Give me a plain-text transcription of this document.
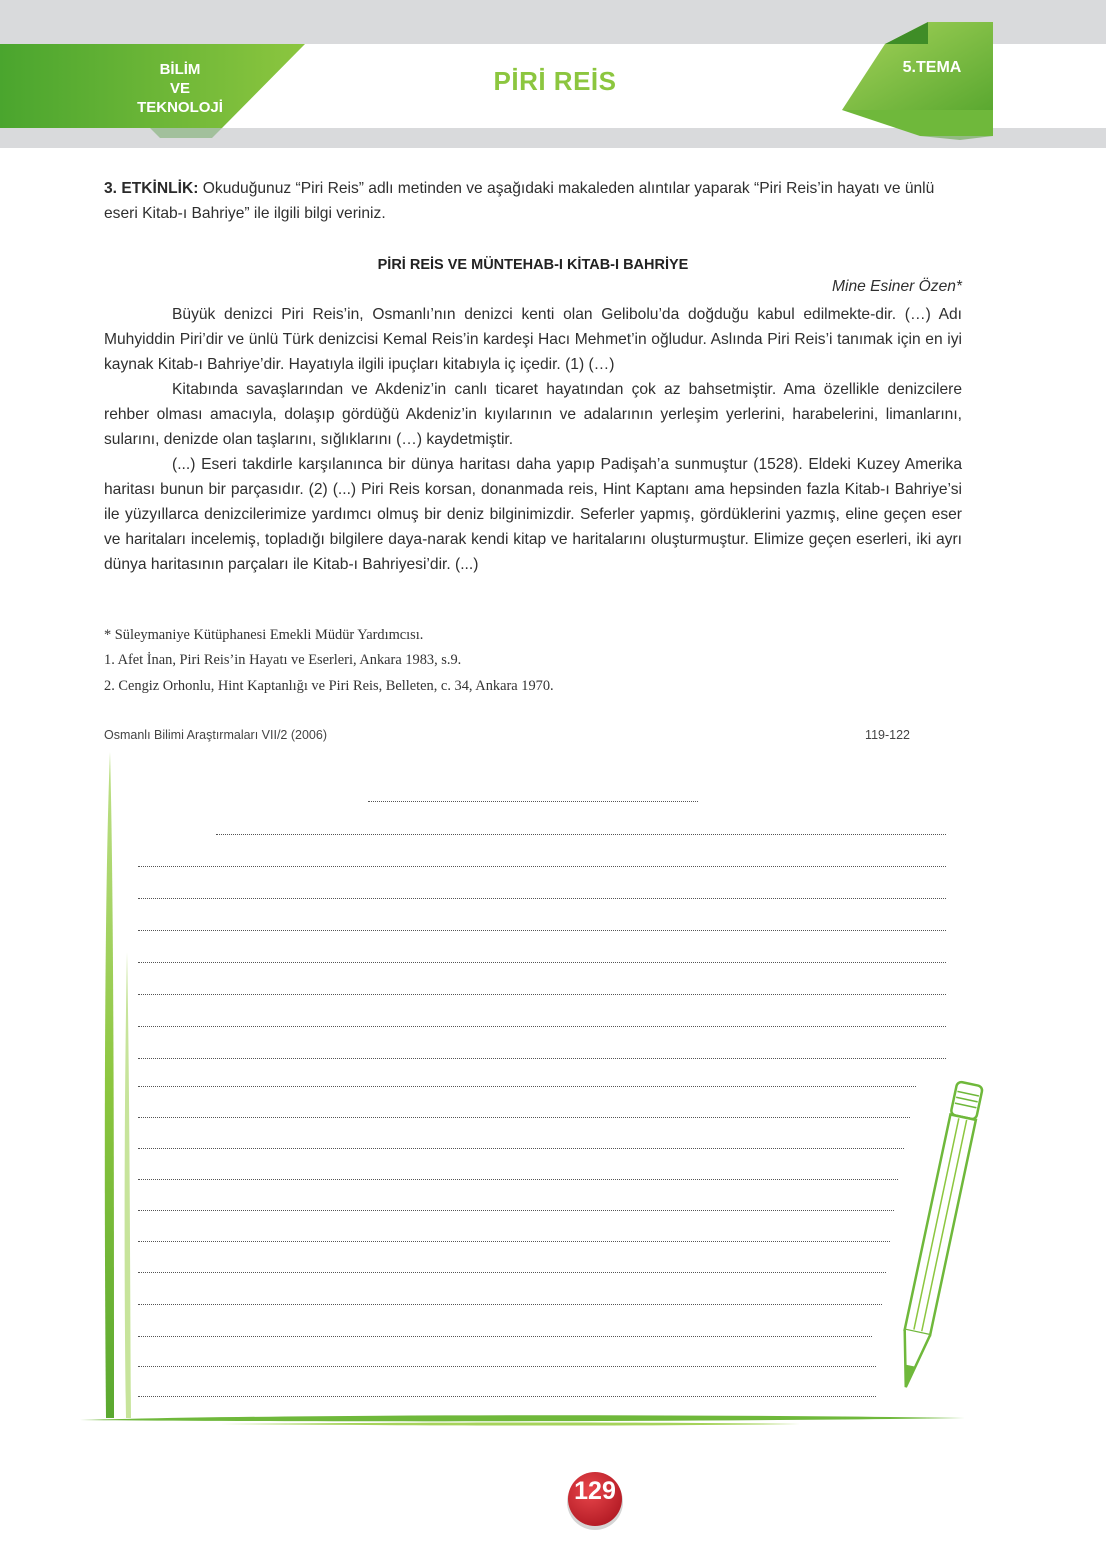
BİLİM
VE
TEKNOLOJİ
PİRİ REİS	5.TEMA
3. ETKİNLİK: Okuduğunuz “Piri Reis” adlı metinden ve aşağıdaki makaleden alıntılar yaparak “Piri Reis’in hayatı ve ünlü eseri Kitab-ı Bahriye” ile ilgili bilgi veriniz.
PİRİ REİS VE MÜNTEHAB-I KİTAB-I BAHRİYE
Mine Esiner Özen*
Büyük denizci Piri Reis’in, Osmanlı’nın denizci kenti olan Gelibolu’da doğduğu kabul edilmekte-dir. (…) Adı Muhyiddin Piri’dir ve ünlü Türk denizcisi Kemal Reis’in kardeşi Hacı Mehmet’in oğludur. Aslında Piri Reis’i tanımak için en iyi kaynak Kitab-ı Bahriye’dir. Hayatıyla ilgili ipuçları kitabıyla iç içedir. (1) (…)
Kitabında savaşlarından ve Akdeniz’in canlı ticaret hayatından çok az bahsetmiştir. Ama özellikle denizcilere rehber olması amacıyla, dolaşıp gördüğü Akdeniz’in kıyılarının ve adalarının yerleşim yerlerini, harabelerini, limanlarını, sularını, denizde olan taşlarını, sığlıklarını (…) kaydetmiştir.
(...) Eseri takdirle karşılanınca bir dünya haritası daha yapıp Padişah’a sunmuştur (1528). Eldeki Kuzey Amerika haritası bunun bir parçasıdır. (2) (...) Piri Reis korsan, donanmada reis, Hint Kaptanı ama hepsinden fazla Kitab-ı Bahriye’si ile yüzyıllarca denizcilerimize yardımcı olmuş bir deniz bilginimizdir. Seferler yapmış, gördüklerini yazmış, eline geçen eser ve haritaları incelemiş, topladığı bilgilere daya-narak kendi kitap ve haritalarını oluşturmuştur. Elimize geçen eserleri, iki ayrı dünya haritasının parçaları ile Kitab-ı Bahriyesi’dir. (...)
* Süleymaniye Kütüphanesi Emekli Müdür Yardımcısı.
1. Afet İnan, Piri Reis’in Hayatı ve Eserleri, Ankara 1983, s.9.
2. Cengiz Orhonlu, Hint Kaptanlığı ve Piri Reis, Belleten, c. 34, Ankara 1970.
Osmanlı Bilimi Araştırmaları VII/2 (2006)	119-122
129
